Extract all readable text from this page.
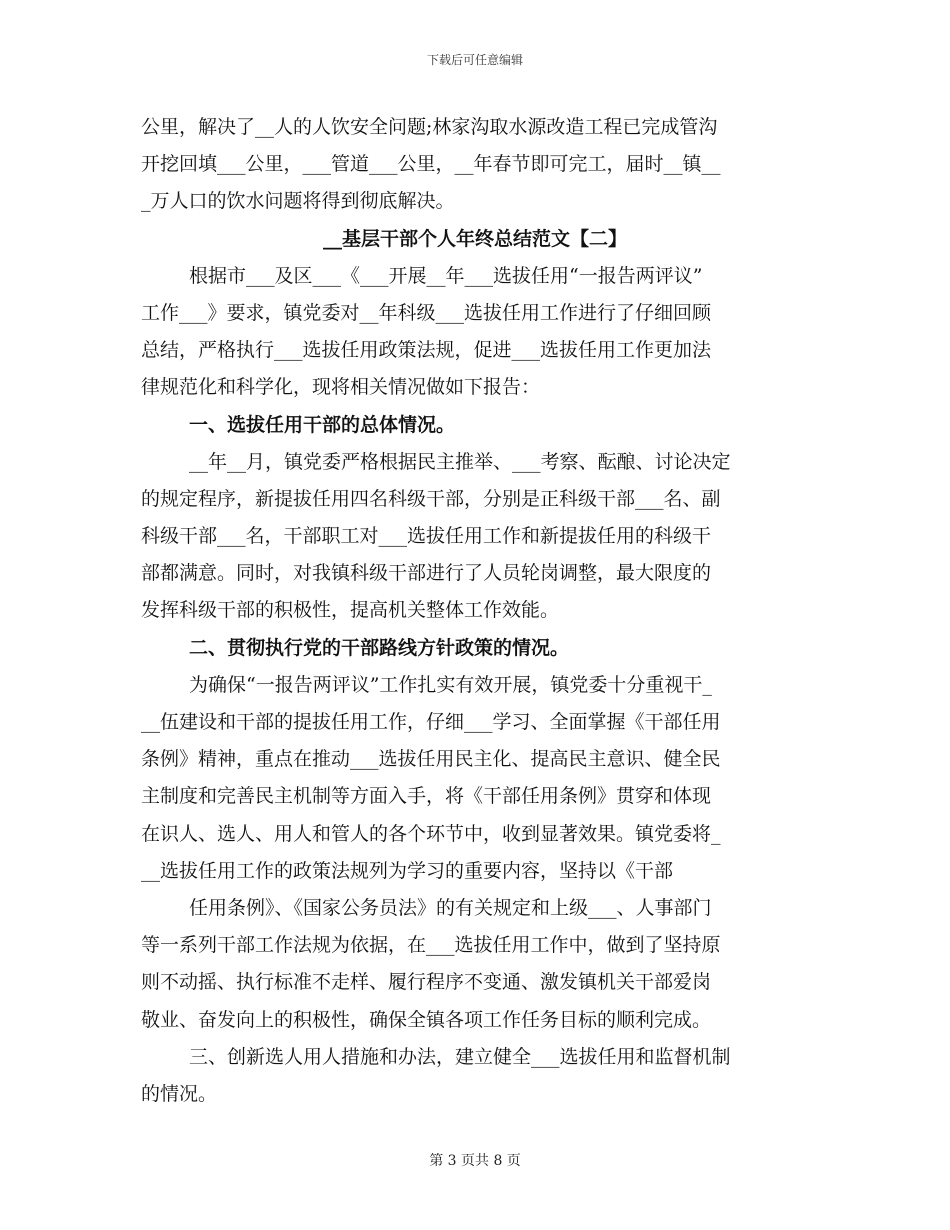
下载后可任意编辑
公里，解决了__人的人饮安全问题;林家沟取水源改造工程已完成管沟
开挖回填___公里，___管道___公里，__年春节即可完工，届时__镇__
_万人口的饮水问题将得到彻底解决。
__基层干部个人年终总结范文【二】
根据市___及区___《___开展__年___选拔任用“一报告两评议”
工作___》要求，镇党委对__年科级___选拔任用工作进行了仔细回顾
总结，严格执行___选拔任用政策法规，促进___选拔任用工作更加法
律规范化和科学化，现将相关情况做如下报告：
一、选拔任用干部的总体情况。
__年__月，镇党委严格根据民主推举、___考察、酝酿、讨论决定
的规定程序，新提拔任用四名科级干部，分别是正科级干部___名、副
科级干部___名，干部职工对___选拔任用工作和新提拔任用的科级干
部都满意。同时，对我镇科级干部进行了人员轮岗调整，最大限度的
发挥科级干部的积极性，提高机关整体工作效能。
二、贯彻执行党的干部路线方针政策的情况。
为确保“一报告两评议”工作扎实有效开展，镇党委十分重视干_
__伍建设和干部的提拔任用工作，仔细___学习、全面掌握《干部任用
条例》精神，重点在推动___选拔任用民主化、提高民主意识、健全民
主制度和完善民主机制等方面入手，将《干部任用条例》贯穿和体现
在识人、选人、用人和管人的各个环节中，收到显著效果。镇党委将_
__选拔任用工作的政策法规列为学习的重要内容，坚持以《干部
任用条例》、《国家公务员法》的有关规定和上级___、人事部门
等一系列干部工作法规为依据，在___选拔任用工作中，做到了坚持原
则不动摇、执行标准不走样、履行程序不变通、激发镇机关干部爱岗
敬业、奋发向上的积极性，确保全镇各项工作任务目标的顺利完成。
三、创新选人用人措施和办法，建立健全___选拔任用和监督机制
的情况。
第 3 页共 8 页
